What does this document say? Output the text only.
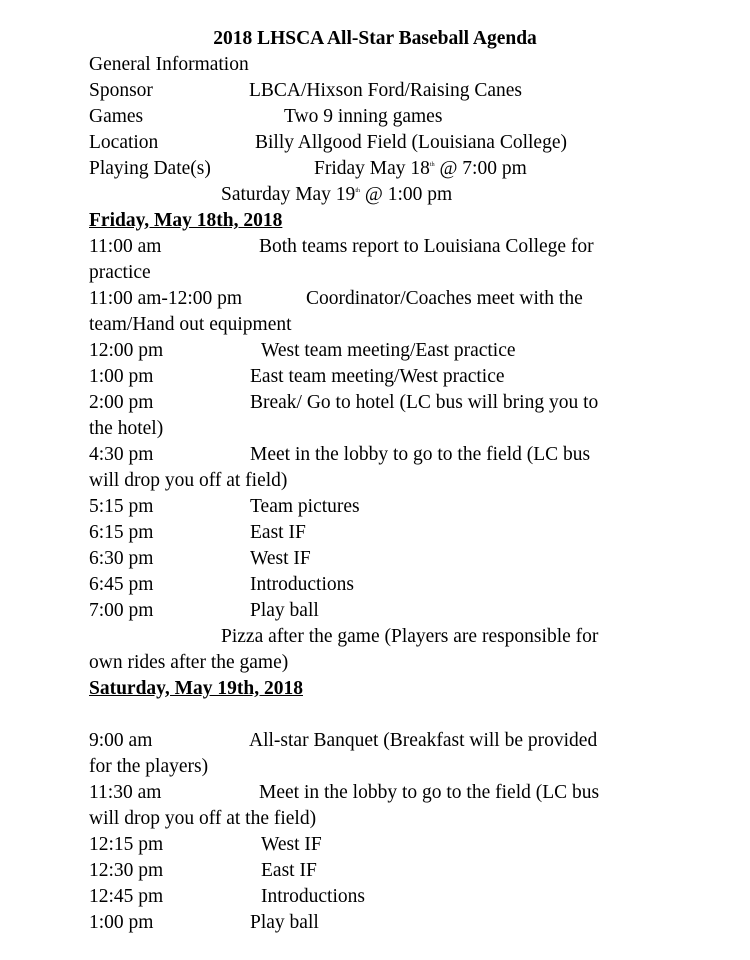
2018 LHSCA All-Star Baseball Agenda
General Information
Sponsor	LBCA/Hixson Ford/Raising Canes
Games	Two 9 inning games
Location	Billy Allgood Field (Louisiana College)
Playing Date(s)	Friday May 18th @ 7:00 pm
Saturday May 19th @ 1:00 pm
Friday, May 18th, 2018
11:00 am	Both teams report to Louisiana College for
practice
11:00 am-12:00 pm	Coordinator/Coaches meet with the
team/Hand out equipment
12:00 pm	West team meeting/East practice
1:00 pm	East team meeting/West practice
2:00 pm	Break/ Go to hotel (LC bus will bring you to
the hotel)
4:30 pm	Meet in the lobby to go to the field (LC bus
will drop you off at field)
5:15 pm	Team pictures
6:15 pm	East IF
6:30 pm	West IF
6:45 pm	Introductions
7:00 pm	Play ball
Pizza after the game (Players are responsible for
own rides after the game)
Saturday, May 19th, 2018
9:00 am	All-star Banquet (Breakfast will be provided
for the players)
11:30 am	Meet in the lobby to go to the field (LC bus
will drop you off at the field)
12:15 pm	West IF
12:30 pm	East IF
12:45 pm	Introductions
1:00 pm	Play ball
